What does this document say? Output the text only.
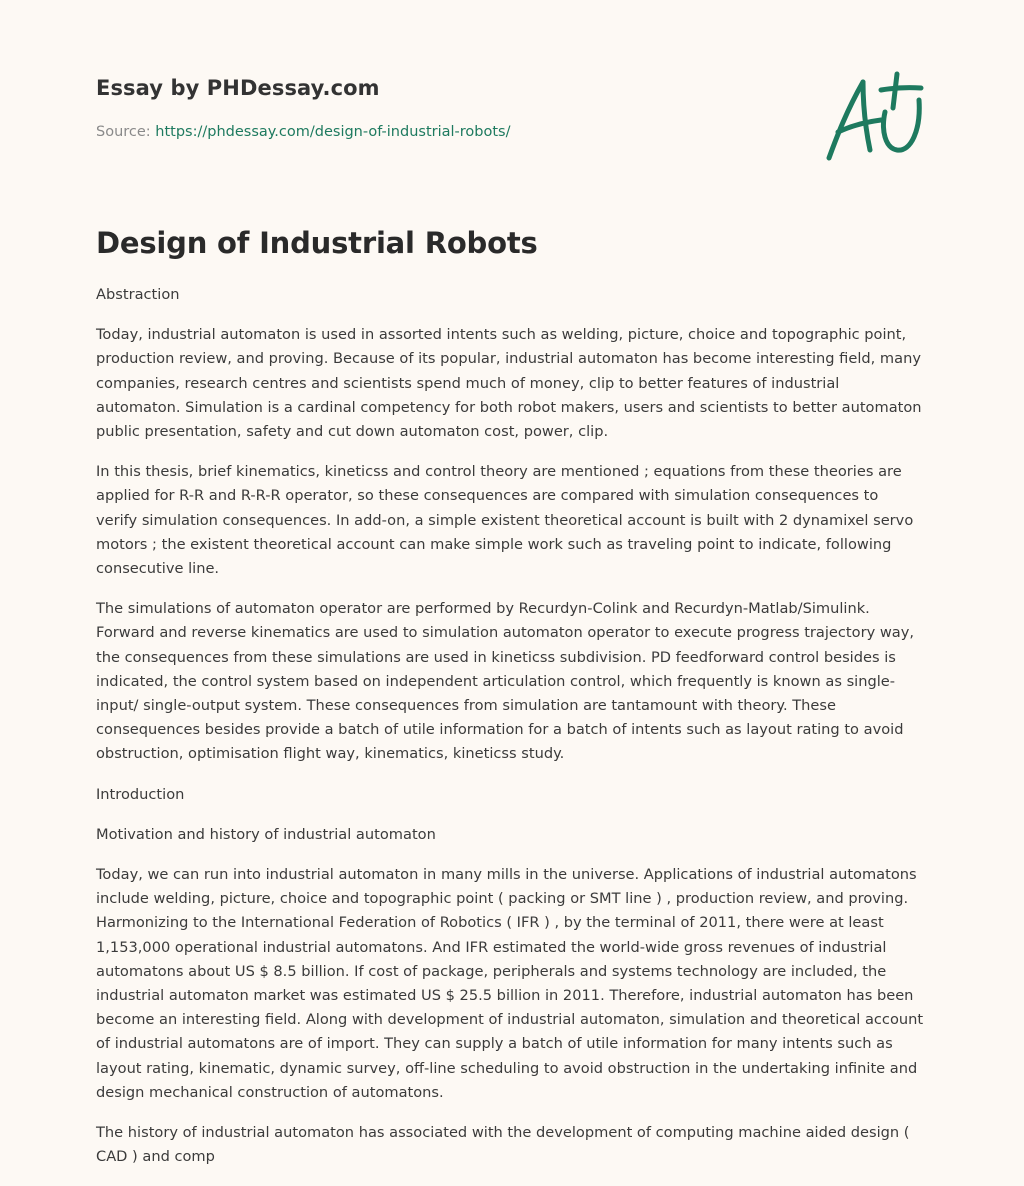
Essay by PHDessay.com
Source: https://phdessay.com/design-of-industrial-robots/
Design of Industrial Robots

Abstraction

Today, industrial automaton is used in assorted intents such as welding, picture, choice and topographic point, production review, and proving. Because of its popular, industrial automaton has become interesting field, many companies, research centres and scientists spend much of money, clip to better features of industrial automaton. Simulation is a cardinal competency for both robot makers, users and scientists to better automaton public presentation, safety and cut down automaton cost, power, clip.

In this thesis, brief kinematics, kineticss and control theory are mentioned ; equations from these theories are applied for R-R and R-R-R operator, so these consequences are compared with simulation consequences to verify simulation consequences. In add-on, a simple existent theoretical account is built with 2 dynamixel servo motors ; the existent theoretical account can make simple work such as traveling point to indicate, following consecutive line.

The simulations of automaton operator are performed by Recurdyn-Colink and Recurdyn-Matlab/Simulink. Forward and reverse kinematics are used to simulation automaton operator to execute progress trajectory way, the consequences from these simulations are used in kineticss subdivision. PD feedforward control besides is indicated, the control system based on independent articulation control, which frequently is known as single-input/ single-output system. These consequences from simulation are tantamount with theory. These consequences besides provide a batch of utile information for a batch of intents such as layout rating to avoid obstruction, optimisation flight way, kinematics, kineticss study.

Introduction

Motivation and history of industrial automaton

Today, we can run into industrial automaton in many mills in the universe. Applications of industrial automatons include welding, picture, choice and topographic point ( packing or SMT line ) , production review, and proving. Harmonizing to the International Federation of Robotics ( IFR ) , by the terminal of 2011, there were at least 1,153,000 operational industrial automatons. And IFR estimated the world-wide gross revenues of industrial automatons about US $ 8.5 billion. If cost of package, peripherals and systems technology are included, the industrial automaton market was estimated US $ 25.5 billion in 2011. Therefore, industrial automaton has been become an interesting field. Along with development of industrial automaton, simulation and theoretical account of industrial automatons are of import. They can supply a batch of utile information for many intents such as layout rating, kinematic, dynamic survey, off-line scheduling to avoid obstruction in the undertaking infinite and design mechanical construction of automatons.

The history of industrial automaton has associated with the development of computing machine aided design ( CAD ) and comp
